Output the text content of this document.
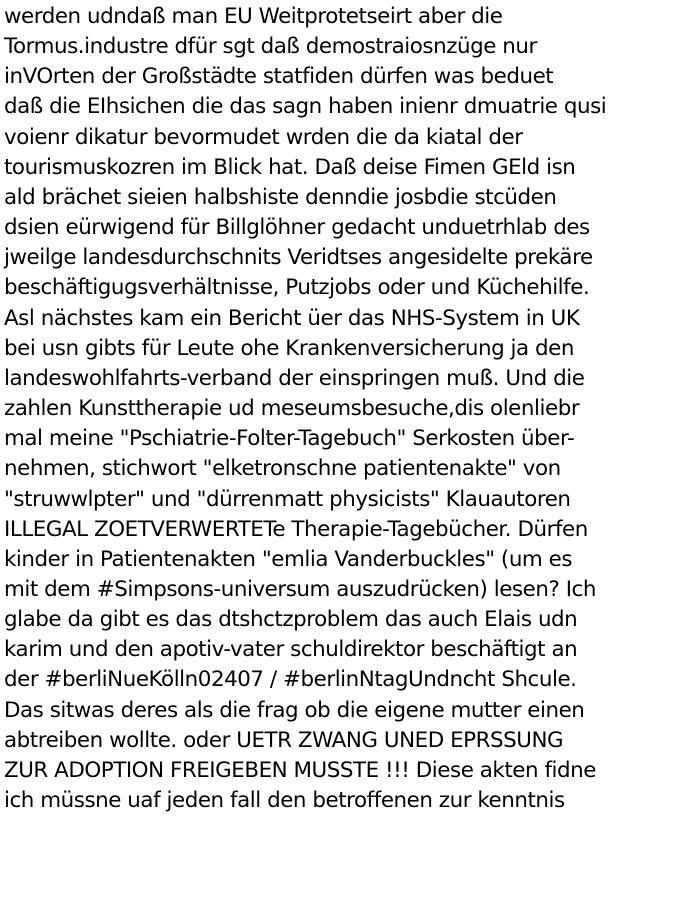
werden udndaß man EU Weitprotetseirt aber die
Tormus.industre dfür sgt daß demostraiosnzüge nur
inVOrten der Großstädte statfiden dürfen was beduet
daß die EIhsichen die das sagn haben inienr dmuatrie qusi
voienr dikatur bevormudet wrden die da kiatal der
tourismuskozren im Blick hat. Daß deise Fimen GEld isn
ald brächet sieien halbshiste denndie josbdie stcüden
dsien eürwigend für Billglöhner gedacht unduetrhlab des
jweilge landesdurchschnits Veridtses angesidelte prekäre
beschäftigugsverhältnisse, Putzjobs oder und Küchehilfe.
Asl nächstes kam ein Bericht üer das NHS-System in UK
bei usn gibts für Leute ohe Krankenversicherung ja den
landeswohlfahrts-verband der einspringen muß. Und die
zahlen Kunsttherapie ud meseumsbesuche,dis olenliebr
mal meine "Pschiatrie-Folter-Tagebuch" Serkosten über-
nehmen, stichwort "elketronschne patientenakte" von
"struwwlpter" und "dürrenmatt physicists" Klauautoren
ILLEGAL ZOETVERWERTETe Therapie-Tagebücher. Dürfen
kinder in Patientenakten "emlia Vanderbuckles" (um es
mit dem #Simpsons-universum auszudrücken) lesen? Ich
glabe da gibt es das dtshctzproblem das auch Elais udn
karim und den apotiv-vater schuldirektor beschäftigt an
der #berliNueKölln02407 / #berlinNtagUndncht Shcule.
Das sitwas deres als die frag ob die eigene mutter einen
abtreiben wollte. oder UETR ZWANG UNED EPRSSUNG
ZUR ADOPTION FREIGEBEN MUSSTE !!! Diese akten fidne
ich müssne uaf jeden fall den betroffenen zur kenntnis
